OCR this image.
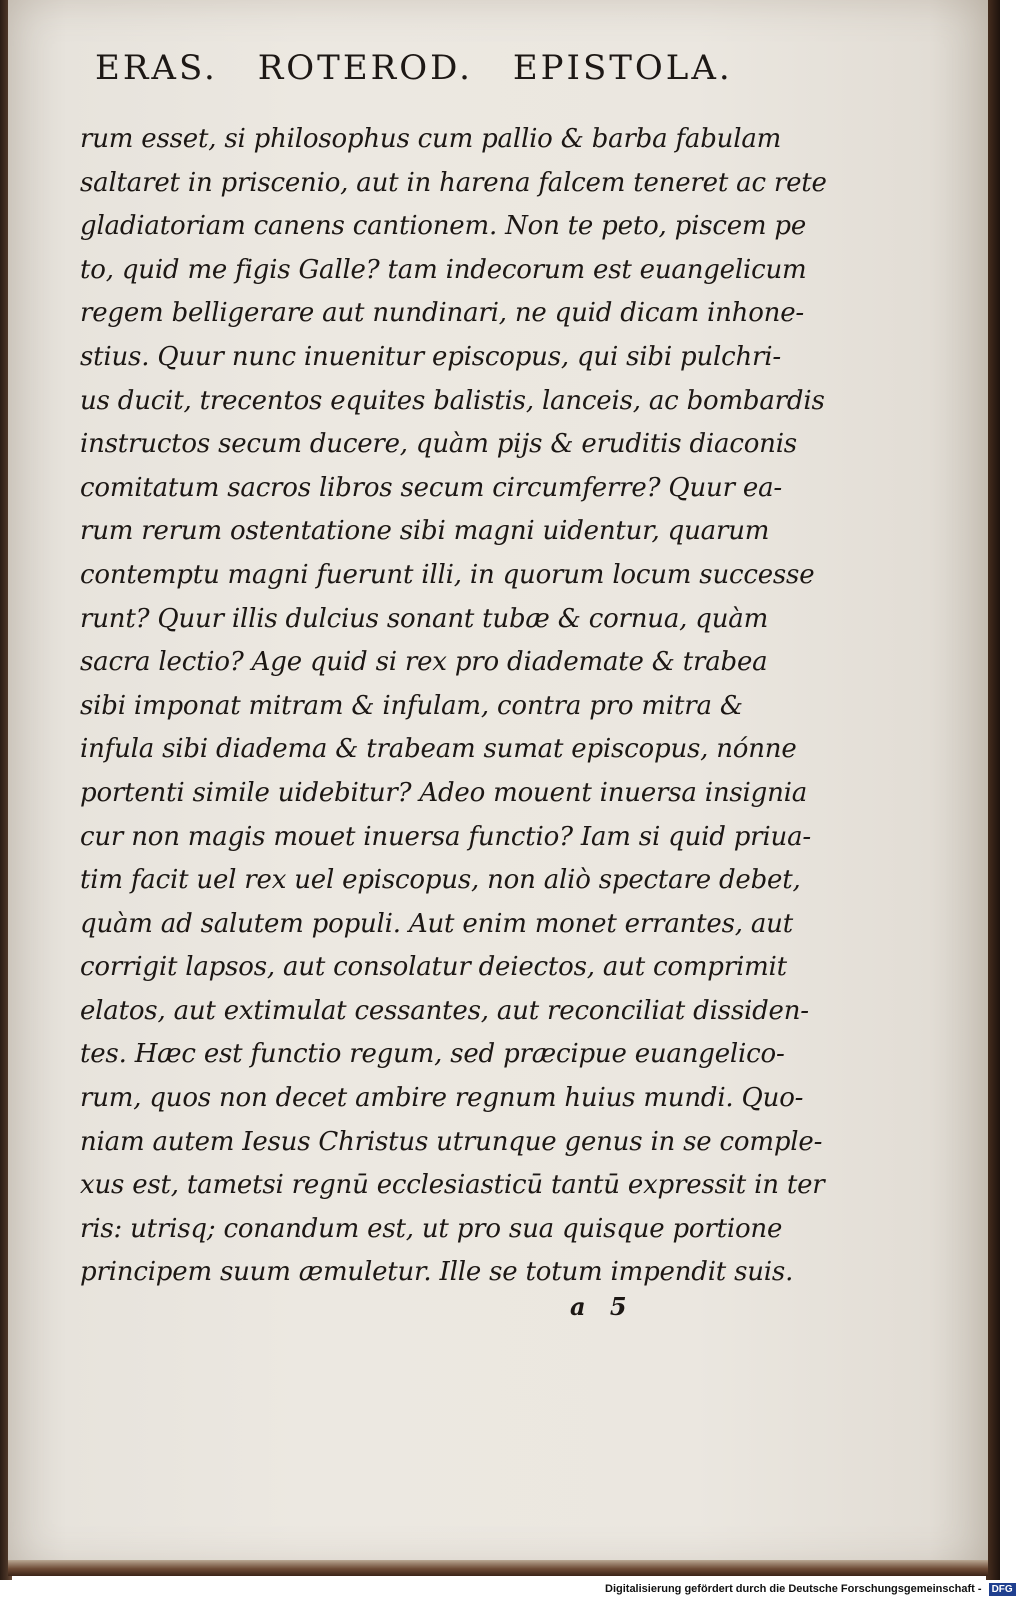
ERAS. ROTEROD. EPISTOLA.
rum esset, si philosophus cum pallio & barba fabulam
saltaret in priscenio, aut in harena falcem teneret ac rete
gladiatoriam canens cantionem. Non te peto, piscem pe
to, quid me figis Galle? tam indecorum est euangelicum
regem belligerare aut nundinari, ne quid dicam inhone-
stius. Quur nunc inuenitur episcopus, qui sibi pulchri-
us ducit, trecentos equites balistis, lanceis, ac bombardis
instructos secum ducere, quàm pijs & eruditis diaconis
comitatum sacros libros secum circumferre? Quur ea-
rum rerum ostentatione sibi magni uidentur, quarum
contemptu magni fuerunt illi, in quorum locum successe
runt? Quur illis dulcius sonant tubæ & cornua, quàm
sacra lectio? Age quid si rex pro diademate & trabea
sibi imponat mitram & infulam, contra pro mitra &
infula sibi diadema & trabeam sumat episcopus, nónne
portenti simile uidebitur? Adeo mouent inuersa insignia
cur non magis mouet inuersa functio? Iam si quid priua-
tim facit uel rex uel episcopus, non aliò spectare debet,
quàm ad salutem populi. Aut enim monet errantes, aut
corrigit lapsos, aut consolatur deiectos, aut comprimit
elatos, aut extimulat cessantes, aut reconciliat dissiden-
tes. Hæc est functio regum, sed præcipue euangelico-
rum, quos non decet ambire regnum huius mundi. Quo-
niam autem Iesus Christus utrunque genus in se comple-
xus est, tametsi regnū ecclesiasticū tantū expressit in ter
ris: utrisq; conandum est, ut pro sua quisque portione
principem suum æmuletur. Ille se totum impendit suis.
a 5
Digitalisierung gefördert durch die Deutsche Forschungsgemeinschaft - DFG
